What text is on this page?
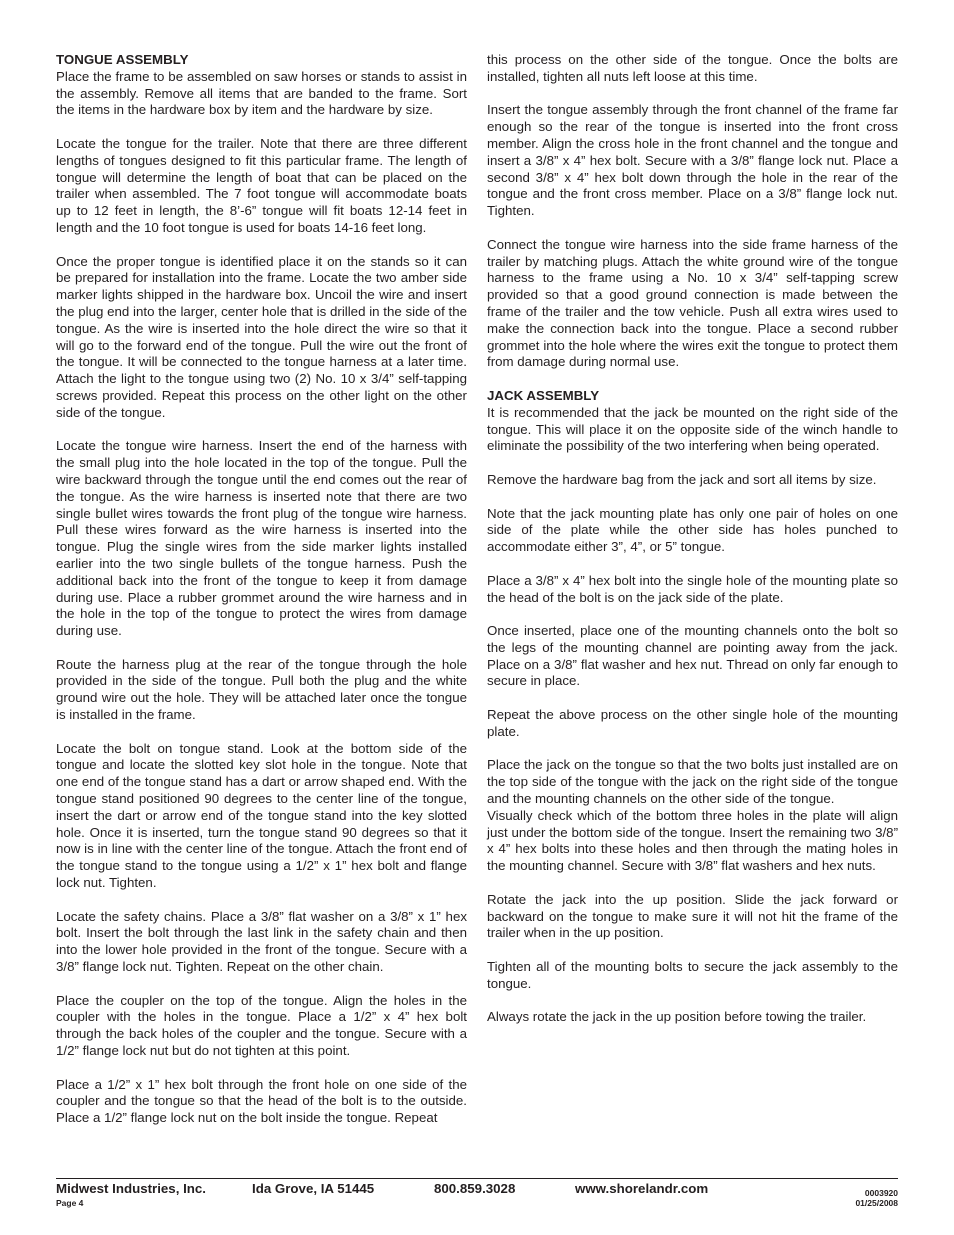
TONGUE ASSEMBLY

Place the frame to be assembled on saw horses or stands to assist in the assembly. Remove all items that are banded to the frame. Sort the items in the hardware box by item and the hardware by size.

Locate the tongue for the trailer. Note that there are three different lengths of tongues designed to fit this particular frame. The length of tongue will determine the length of boat that can be placed on the trailer when assembled. The 7 foot tongue will accommodate boats up to 12 feet in length, the 8’-6” tongue will fit boats 12-14 feet in length and the 10 foot tongue is used for boats 14-16 feet long.

Once the proper tongue is identified place it on the stands so it can be prepared for installation into the frame. Locate the two amber side marker lights shipped in the hardware box. Uncoil the wire and insert the plug end into the larger, center hole that is drilled in the side of the tongue. As the wire is inserted into the hole direct the wire so that it will go to the forward end of the tongue. Pull the wire out the front of the tongue. It will be connected to the tongue harness at a later time. Attach the light to the tongue using two (2) No. 10 x 3/4” self-tapping screws provided. Repeat this process on the other light on the other side of the tongue.

Locate the tongue wire harness. Insert the end of the harness with the small plug into the hole located in the top of the tongue. Pull the wire backward through the tongue until the end comes out the rear of the tongue. As the wire harness is inserted note that there are two single bullet wires towards the front plug of the tongue wire harness. Pull these wires forward as the wire harness is inserted into the tongue. Plug the single wires from the side marker lights installed earlier into the two single bullets of the tongue harness. Push the additional back into the front of the tongue to keep it from damage during use. Place a rubber grommet around the wire harness and in the hole in the top of the tongue to protect the wires from damage during use.

Route the harness plug at the rear of the tongue through the hole provided in the side of the tongue. Pull both the plug and the white ground wire out the hole. They will be attached later once the tongue is installed in the frame.

Locate the bolt on tongue stand. Look at the bottom side of the tongue and locate the slotted key slot hole in the tongue. Note that one end of the tongue stand has a dart or arrow shaped end. With the tongue stand positioned 90 degrees to the center line of the tongue, insert the dart or arrow end of the tongue stand into the key slotted hole. Once it is inserted, turn the tongue stand 90 degrees so that it now is in line with the center line of the tongue. Attach the front end of the tongue stand to the tongue using a 1/2” x 1” hex bolt and flange lock nut. Tighten.

Locate the safety chains. Place a 3/8” flat washer on a 3/8” x 1” hex bolt. Insert the bolt through the last link in the safety chain and then into the lower hole provided in the front of the tongue. Secure with a 3/8” flange lock nut. Tighten. Repeat on the other chain.

Place the coupler on the top of the tongue. Align the holes in the coupler with the holes in the tongue. Place a 1/2” x 4” hex bolt through the back holes of the coupler and the tongue. Secure with a 1/2” flange lock nut but do not tighten at this point.

Place a 1/2” x 1” hex bolt through the front hole on one side of the coupler and the tongue so that the head of the bolt is to the outside. Place a 1/2” flange lock nut on the bolt inside the tongue. Repeat

this process on the other side of the tongue. Once the bolts are installed, tighten all nuts left loose at this time.

Insert the tongue assembly through the front channel of the frame far enough so the rear of the tongue is inserted into the front cross member. Align the cross hole in the front channel and the tongue and insert a 3/8” x 4” hex bolt. Secure with a 3/8” flange lock nut. Place a second 3/8” x 4” hex bolt down through the hole in the rear of the tongue and the front cross member. Place on a 3/8” flange lock nut. Tighten.

Connect the tongue wire harness into the side frame harness of the trailer by matching plugs. Attach the white ground wire of the tongue harness to the frame using a No. 10 x 3/4” self-tapping screw provided so that a good ground connection is made between the frame of the trailer and the tow vehicle. Push all extra wires used to make the connection back into the tongue. Place a second rubber grommet into the hole where the wires exit the tongue to protect them from damage during normal use.

JACK ASSEMBLY

It is recommended that the jack be mounted on the right side of the tongue. This will place it on the opposite side of the winch handle to eliminate the possibility of the two interfering when being operated.

Remove the hardware bag from the jack and sort all items by size.

Note that the jack mounting plate has only one pair of holes on one side of the plate while the other side has holes punched to accommodate either 3”, 4”, or 5” tongue.

Place a 3/8” x 4” hex bolt into the single hole of the mounting plate so the head of the bolt is on the jack side of the plate.

Once inserted, place one of the mounting channels onto the bolt so the legs of the mounting channel are pointing away from the jack. Place on a 3/8” flat washer and hex nut. Thread on only far enough to secure in place.

Repeat the above process on the other single hole of the mounting plate.

Place the jack on the tongue so that the two bolts just installed are on the top side of the tongue with the jack on the right side of the tongue and the mounting channels on the other side of the tongue.

Visually check which of the bottom three holes in the plate will align just under the bottom side of the tongue. Insert the remaining two 3/8” x 4” hex bolts into these holes and then through the mating holes in the mounting channel. Secure with 3/8” flat washers and hex nuts.

Rotate the jack into the up position. Slide the jack forward or backward on the tongue to make sure it will not hit the frame of the trailer when in the up position.

Tighten all of the mounting bolts to secure the jack assembly to the tongue.

Always rotate the jack in the up position before towing the trailer.

Midwest Industries, Inc.	Ida Grove, IA 51445	800.859.3028	www.shorelandr.com
Page 4
0003920
01/25/2008
